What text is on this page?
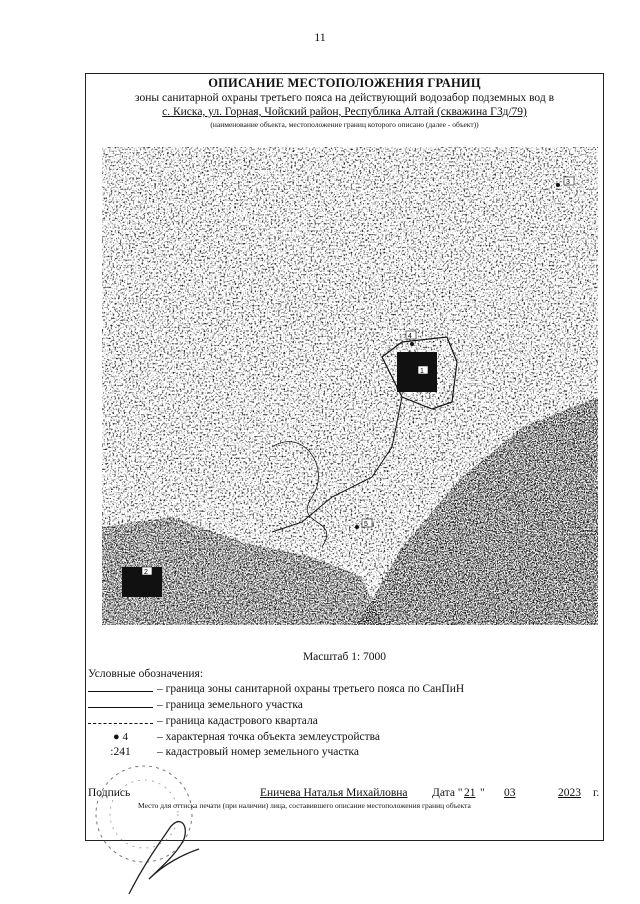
11
ОПИСАНИЕ МЕСТОПОЛОЖЕНИЯ ГРАНИЦ
зоны санитарной охраны третьего пояса на действующий водозабор подземных вод в
с. Киска, ул. Горная, Чойский район, Республика Алтай (скважина ГЗд/79)
(наименование объекта, местоположение границ которого описано (далее - объект))
4
1
3
2
5
Масштаб 1: 7000
Условные обозначения:
– граница зоны санитарной охраны третьего пояса по СанПиН
– граница земельного участка
– граница кадастрового квартала
● 4	– характерная точка объекта землеустройства
:241	– кадастровый номер земельного участка
Подпись	Еничева Наталья Михайловна Дата " 21 " 03	2023 г.
Место для оттиска печати (при наличии) лица, составившего описание местоположения границ объекта
